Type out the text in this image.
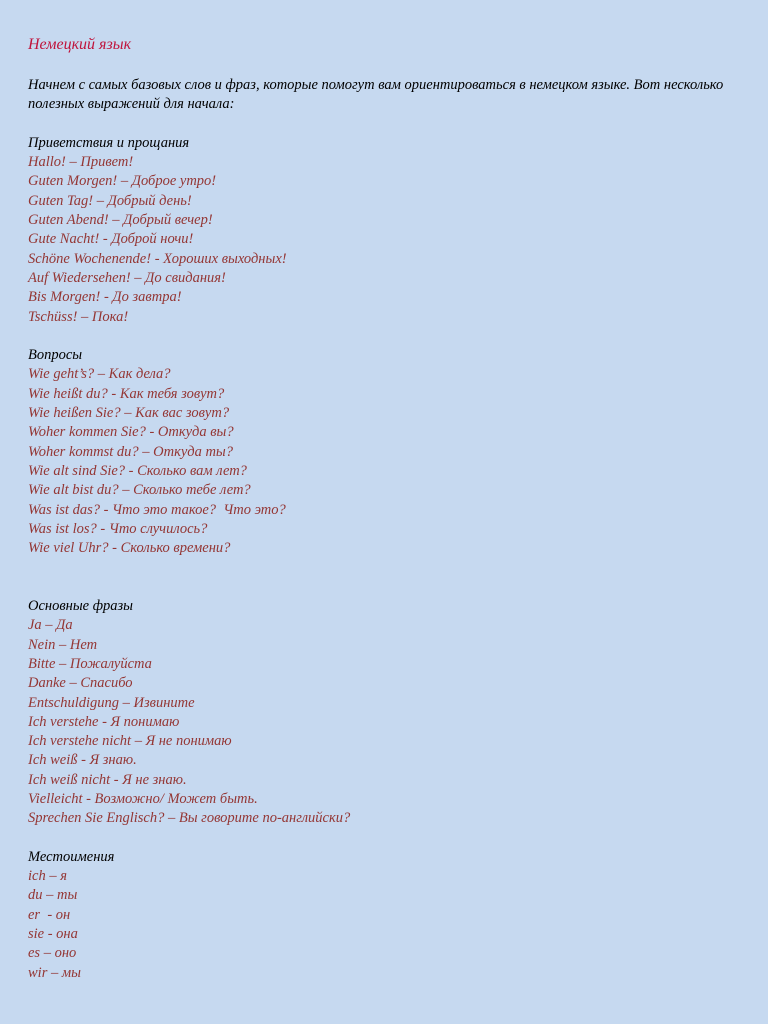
Немецкий язык

Начнем с самых базовых слов и фраз, которые помогут вам ориентироваться в немецком языке. Вот несколько полезных выражений для начала:

Приветствия и прощания

Hallo! – Привет!

Guten Morgen! – Доброе утро!

Guten Tag! – Добрый день!

Guten Abend! – Добрый вечер!

Gute Nacht! - Доброй ночи!

Schöne Wochenende! - Хороших выходных!

Auf Wiedersehen! – До свидания!

Bis Morgen! - До завтра!

Tschüss! – Пока!

Вопросы

Wie geht’s? – Как дела?

Wie heißt du? - Как тебя зовут?

Wie heißen Sie? – Как вас зовут?

Woher kommen Sie? - Откуда вы?

Woher kommst du? – Откуда ты?

Wie alt sind Sie? - Сколько вам лет?

Wie alt bist du? – Сколько тебе лет?

Was ist das? - Что это такое?  Что это?

Was ist los? - Что случилось?

Wie viel Uhr? - Сколько времени?

Основные фразы

Ja – Да

Nein – Нет

Bitte – Пожалуйста

Danke – Спасибо

Entschuldigung – Извините

Ich verstehe - Я понимаю

Ich verstehe nicht – Я не понимаю

Ich weiß - Я знаю.

Ich weiß nicht - Я не знаю.

Vielleicht - Возможно/ Может быть.

Sprechen Sie Englisch? – Вы говорите по-английски?

Местоимения

ich – я

du – ты

er  - он

sie - она

es – оно

wir – мы
